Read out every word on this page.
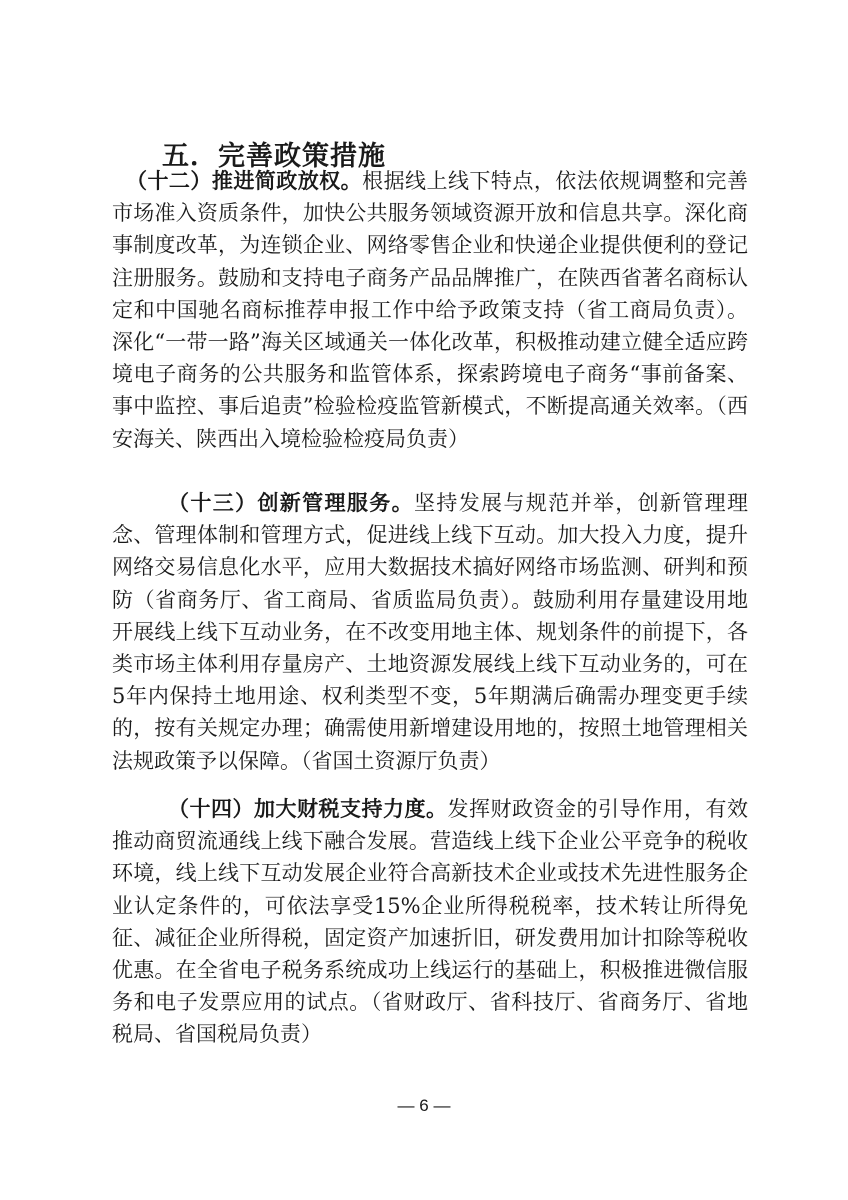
五．完善政策措施

（十二）推进简政放权。根据线上线下特点，依法依规调整和完善市场准入资质条件，加快公共服务领域资源开放和信息共享。深化商事制度改革，为连锁企业、网络零售企业和快递企业提供便利的登记注册服务。鼓励和支持电子商务产品品牌推广，在陕西省著名商标认定和中国驰名商标推荐申报工作中给予政策支持（省工商局负责）。深化“一带一路”海关区域通关一体化改革，积极推动建立健全适应跨境电子商务的公共服务和监管体系，探索跨境电子商务“事前备案、事中监控、事后追责”检验检疫监管新模式，不断提高通关效率。（西安海关、陕西出入境检验检疫局负责）

（十三）创新管理服务。坚持发展与规范并举，创新管理理念、管理体制和管理方式，促进线上线下互动。加大投入力度，提升网络交易信息化水平，应用大数据技术搞好网络市场监测、研判和预防（省商务厅、省工商局、省质监局负责）。鼓励利用存量建设用地开展线上线下互动业务，在不改变用地主体、规划条件的前提下，各类市场主体利用存量房产、土地资源发展线上线下互动业务的，可在5年内保持土地用途、权利类型不变，5年期满后确需办理变更手续的，按有关规定办理；确需使用新增建设用地的，按照土地管理相关法规政策予以保障。（省国土资源厅负责）

（十四）加大财税支持力度。发挥财政资金的引导作用，有效推动商贸流通线上线下融合发展。营造线上线下企业公平竞争的税收环境，线上线下互动发展企业符合高新技术企业或技术先进性服务企业认定条件的，可依法享受15%企业所得税税率，技术转让所得免征、减征企业所得税，固定资产加速折旧，研发费用加计扣除等税收优惠。在全省电子税务系统成功上线运行的基础上，积极推进微信服务和电子发票应用的试点。（省财政厅、省科技厅、省商务厅、省地税局、省国税局负责）

— 6 —
